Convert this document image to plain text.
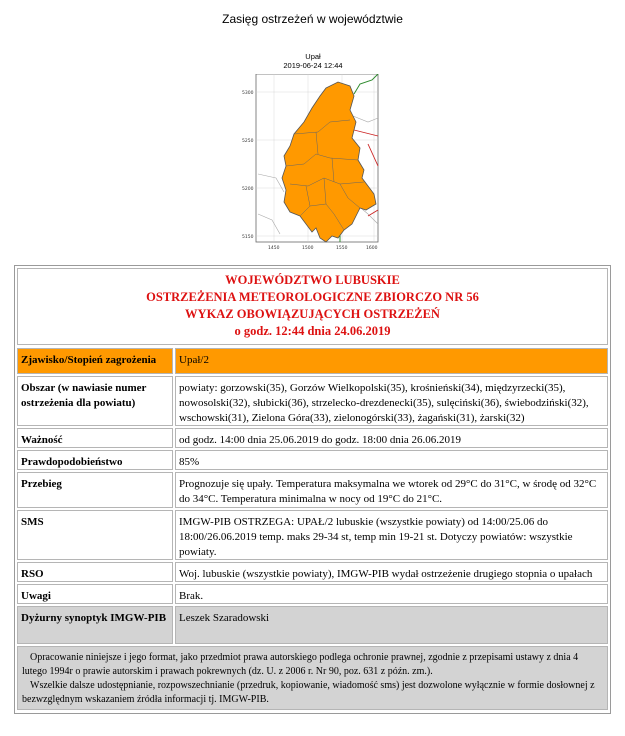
Zasięg ostrzeżeń w województwie
Upał
2019-06-24 12:44
5300
5250
5200
5150
1450	1500	1550	1600
WOJEWÓDZTWO LUBUSKIE
OSTRZEŻENIA METEOROLOGICZNE ZBIORCZO NR 56
WYKAZ OBOWIĄZUJĄCYCH OSTRZEŻEŃ
o godz. 12:44 dnia 24.06.2019
Zjawisko/Stopień zagrożenia	Upał/2
Obszar (w nawiasie numer ostrzeżenia dla powiatu)
powiaty: gorzowski(35), Gorzów Wielkopolski(35), krośnieński(34), międzyrzecki(35), nowosolski(32), słubicki(36), strzelecko-drezdenecki(35), sulęciński(36), świebodziński(32), wschowski(31), Zielona Góra(33), zielonogórski(33), żagański(31), żarski(32)
Ważność	od godz. 14:00 dnia 25.06.2019 do godz. 18:00 dnia 26.06.2019
Prawdopodobieństwo	85%
Przebieg	Prognozuje się upały. Temperatura maksymalna we wtorek od 29°C do 31°C, w środę od 32°C do 34°C. Temperatura minimalna w nocy od 19°C do 21°C.
SMS	IMGW-PIB OSTRZEGA: UPAŁ/2 lubuskie (wszystkie powiaty) od 14:00/25.06 do 18:00/26.06.2019 temp. maks 29-34 st, temp min 19-21 st. Dotyczy powiatów: wszystkie powiaty.
RSO	Woj. lubuskie (wszystkie powiaty), IMGW-PIB wydał ostrzeżenie drugiego stopnia o upałach
Uwagi	Brak.
Dyżurny synoptyk IMGW-PIB	Leszek Szaradowski

Opracowanie niniejsze i jego format, jako przedmiot prawa autorskiego podlega ochronie prawnej, zgodnie z przepisami ustawy z dnia 4 lutego 1994r o prawie autorskim i prawach pokrewnych (dz. U. z 2006 r. Nr 90, poz. 631 z późn. zm.).

Wszelkie dalsze udostępnianie, rozpowszechnianie (przedruk, kopiowanie, wiadomość sms) jest dozwolone wyłącznie w formie dosłownej z bezwzględnym wskazaniem źródła informacji tj. IMGW-PIB.
